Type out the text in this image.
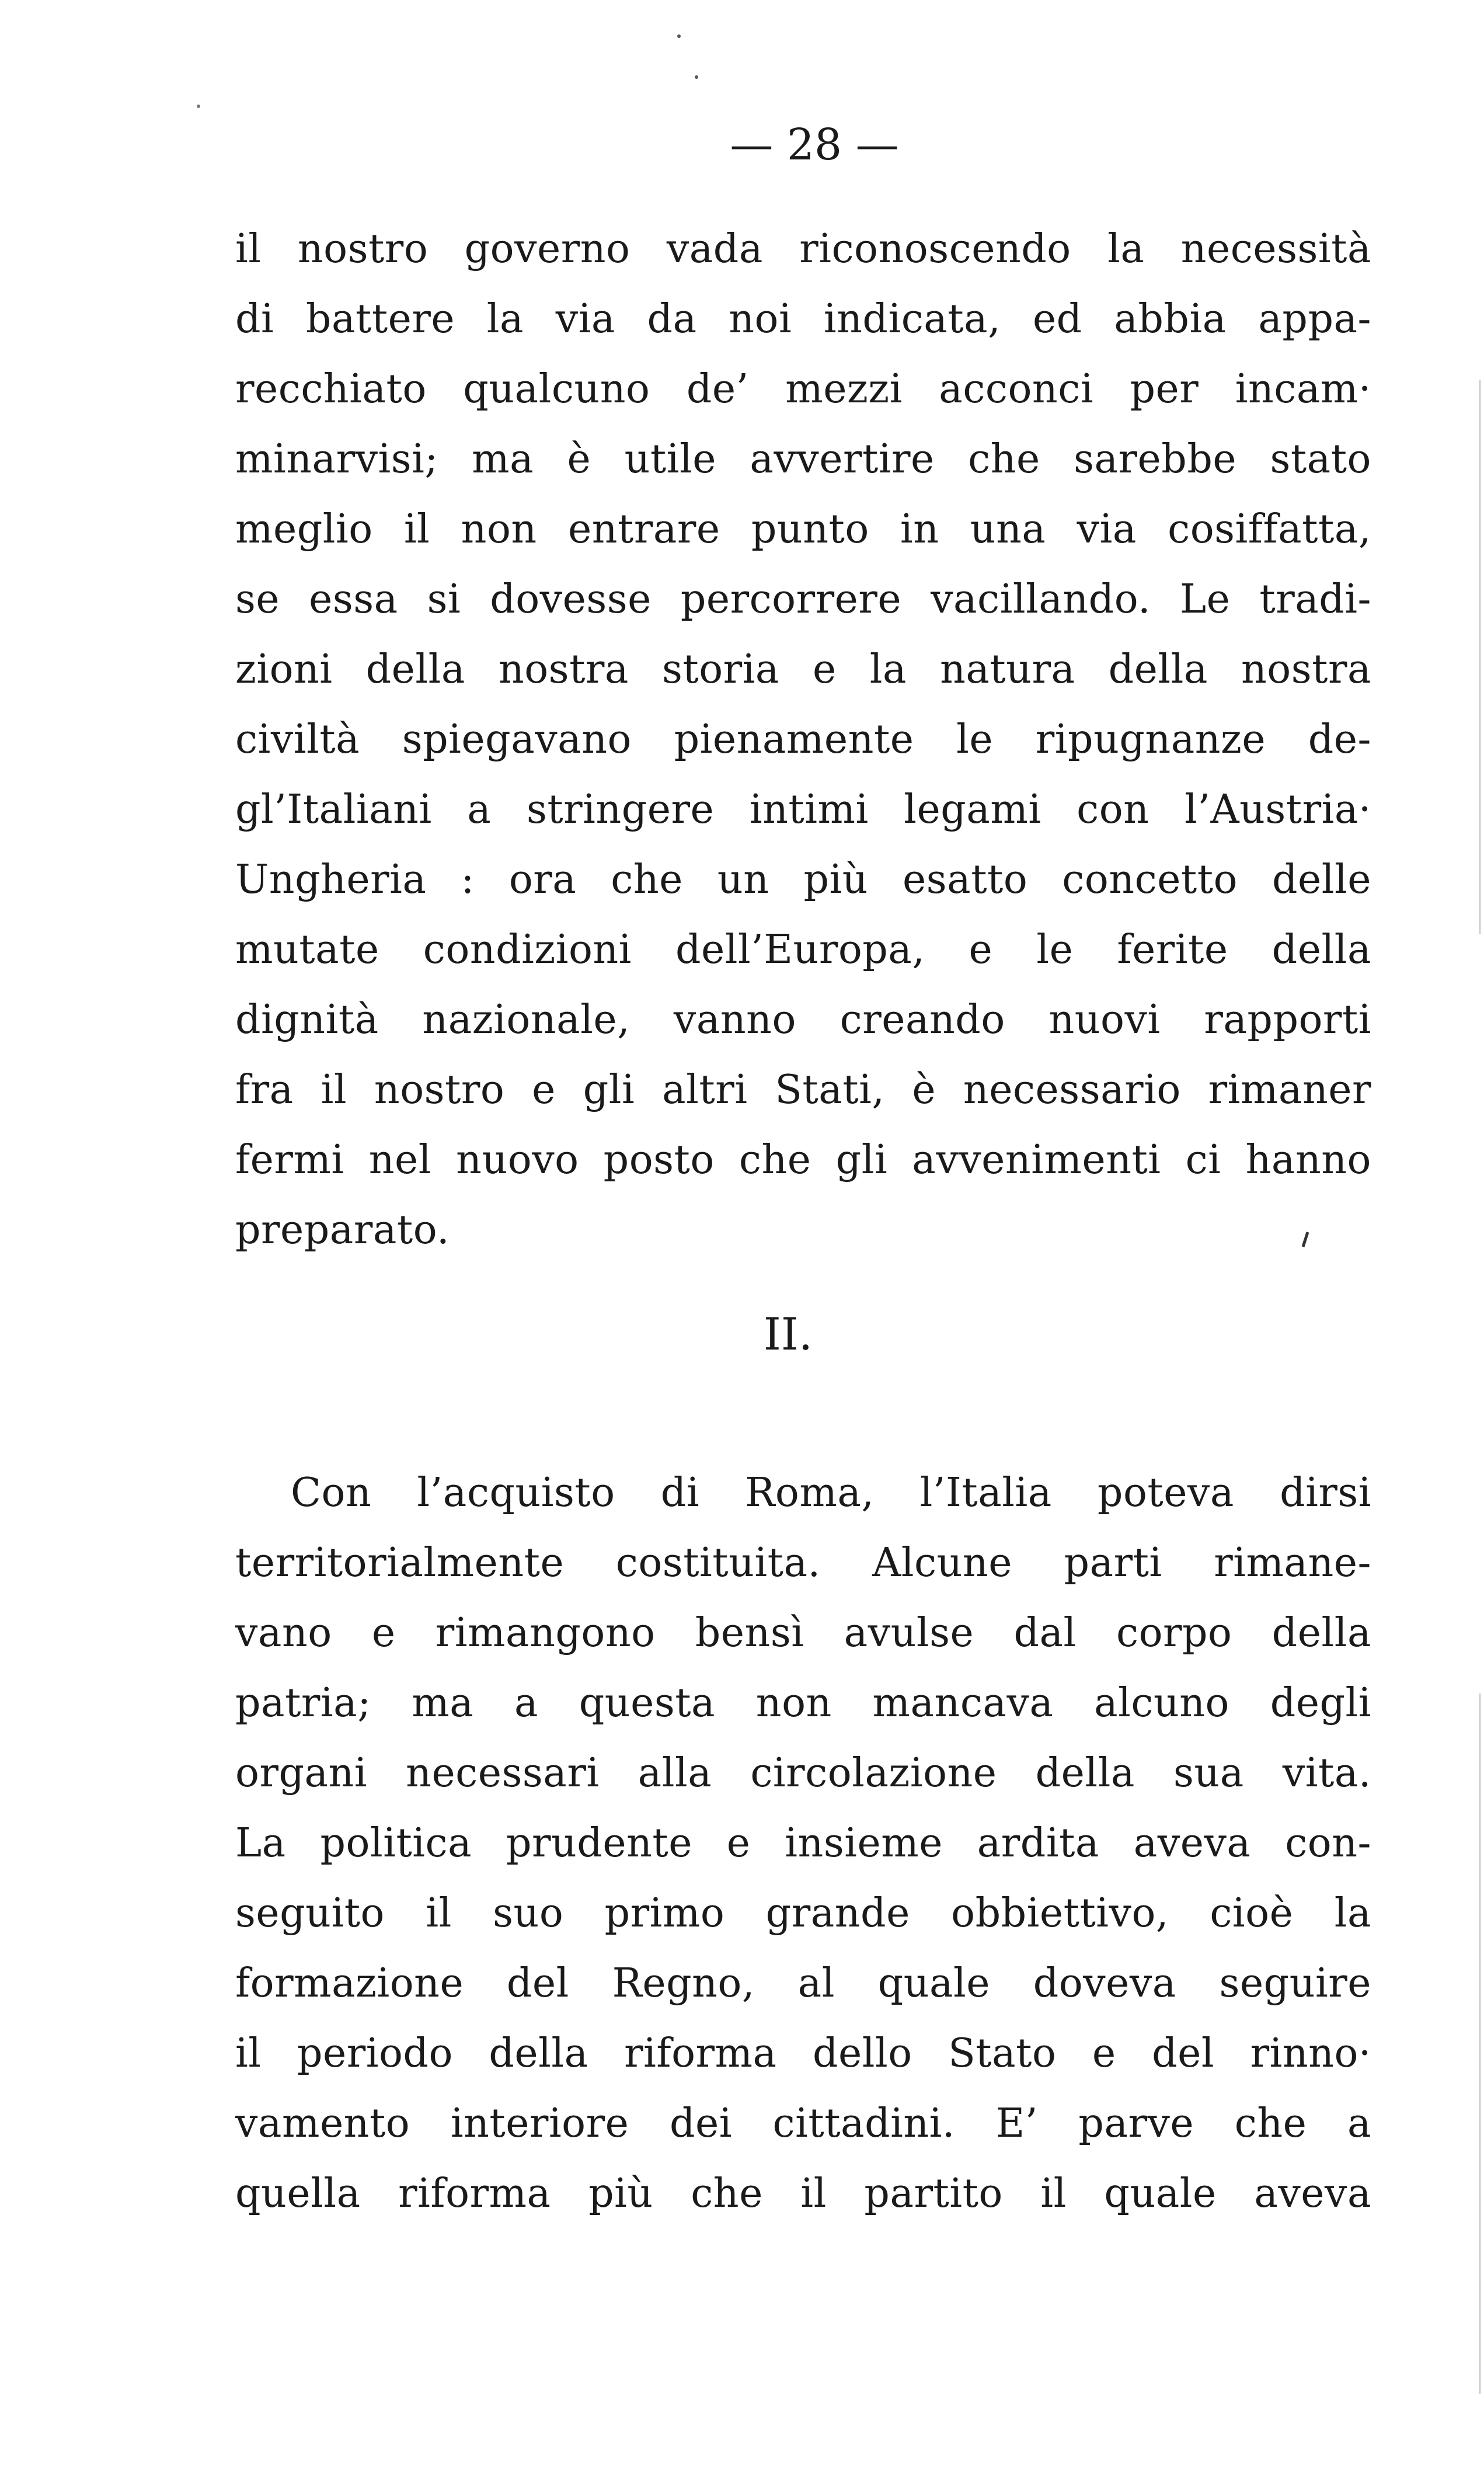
— 28 —
il nostro governo vada riconoscendo la necessità
di battere la via da noi indicata, ed abbia appa-
recchiato qualcuno de’ mezzi acconci per incam·
minarvisi; ma è utile avvertire che sarebbe stato
meglio il non entrare punto in una via cosiffatta,
se essa si dovesse percorrere vacillando. Le tradi-
zioni della nostra storia e la natura della nostra
civiltà spiegavano pienamente le ripugnanze de-
gl’Italiani a stringere intimi legami con l’Austria·
Ungheria : ora che un più esatto concetto delle
mutate condizioni dell’Europa, e le ferite della
dignità nazionale, vanno creando nuovi rapporti
fra il nostro e gli altri Stati, è necessario rimaner
fermi nel nuovo posto che gli avvenimenti ci hanno
preparato.
II.
Con l’acquisto di Roma, l’Italia poteva dirsi
territorialmente costituita. Alcune parti rimane-
vano e rimangono bensì avulse dal corpo della
patria; ma a questa non mancava alcuno degli
organi necessari alla circolazione della sua vita.
La politica prudente e insieme ardita aveva con-
seguito il suo primo grande obbiettivo, cioè la
formazione del Regno, al quale doveva seguire
il periodo della riforma dello Stato e del rinno·
vamento interiore dei cittadini. E’ parve che a
quella riforma più che il partito il quale aveva
